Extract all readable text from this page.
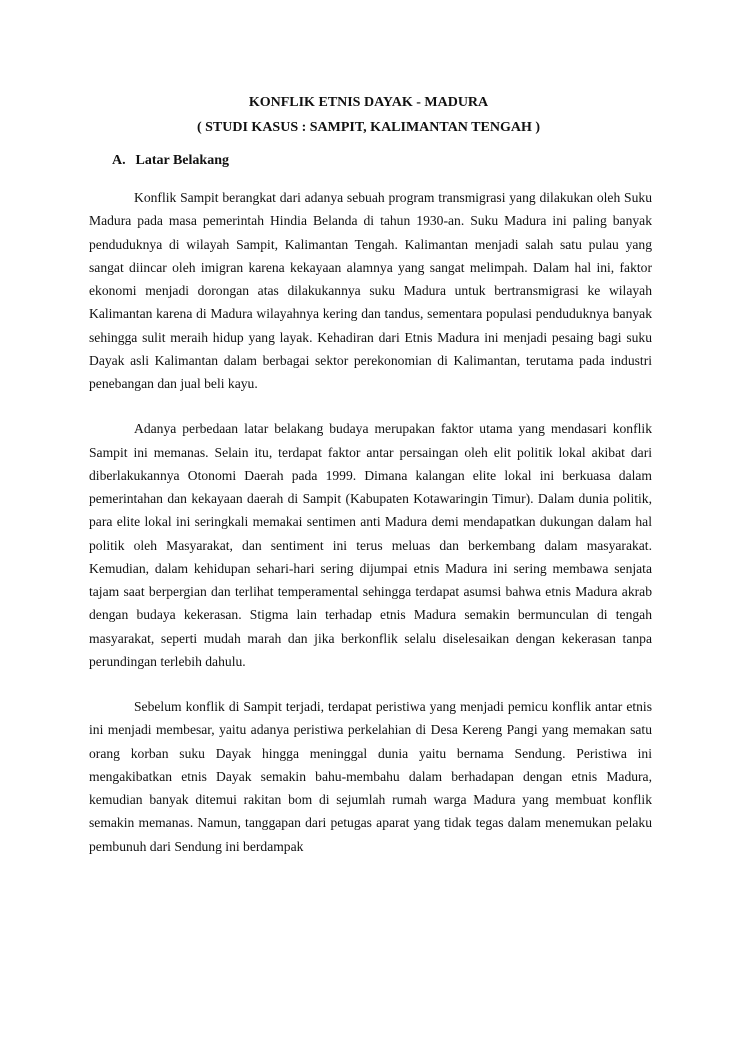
KONFLIK ETNIS DAYAK - MADURA
( STUDI KASUS : SAMPIT, KALIMANTAN TENGAH )
A. Latar Belakang

Konflik Sampit berangkat dari adanya sebuah program transmigrasi yang dilakukan oleh Suku Madura pada masa pemerintah Hindia Belanda di tahun 1930-an. Suku Madura ini paling banyak penduduknya di wilayah Sampit, Kalimantan Tengah. Kalimantan menjadi salah satu pulau yang sangat diincar oleh imigran karena kekayaan alamnya yang sangat melimpah. Dalam hal ini, faktor ekonomi menjadi dorongan atas dilakukannya suku Madura untuk bertransmigrasi ke wilayah Kalimantan karena di Madura wilayahnya kering dan tandus, sementara populasi penduduknya banyak sehingga sulit meraih hidup yang layak. Kehadiran dari Etnis Madura ini menjadi pesaing bagi suku Dayak asli Kalimantan dalam berbagai sektor perekonomian di Kalimantan, terutama pada industri penebangan dan jual beli kayu.

Adanya perbedaan latar belakang budaya merupakan faktor utama yang mendasari konflik Sampit ini memanas. Selain itu, terdapat faktor antar persaingan oleh elit politik lokal akibat dari diberlakukannya Otonomi Daerah pada 1999. Dimana kalangan elite lokal ini berkuasa dalam pemerintahan dan kekayaan daerah di Sampit (Kabupaten Kotawaringin Timur). Dalam dunia politik, para elite lokal ini seringkali memakai sentimen anti Madura demi mendapatkan dukungan dalam hal politik oleh Masyarakat, dan sentiment ini terus meluas dan berkembang dalam masyarakat. Kemudian, dalam kehidupan sehari-hari sering dijumpai etnis Madura ini sering membawa senjata tajam saat berpergian dan terlihat temperamental sehingga terdapat asumsi bahwa etnis Madura akrab dengan budaya kekerasan. Stigma lain terhadap etnis Madura semakin bermunculan di tengah masyarakat, seperti mudah marah dan jika berkonflik selalu diselesaikan dengan kekerasan tanpa perundingan terlebih dahulu.

Sebelum konflik di Sampit terjadi, terdapat peristiwa yang menjadi pemicu konflik antar etnis ini menjadi membesar, yaitu adanya peristiwa perkelahian di Desa Kereng Pangi yang memakan satu orang korban suku Dayak hingga meninggal dunia yaitu bernama Sendung. Peristiwa ini mengakibatkan etnis Dayak semakin bahu-membahu dalam berhadapan dengan etnis Madura, kemudian banyak ditemui rakitan bom di sejumlah rumah warga Madura yang membuat konflik semakin memanas. Namun, tanggapan dari petugas aparat yang tidak tegas dalam menemukan pelaku pembunuh dari Sendung ini berdampak
